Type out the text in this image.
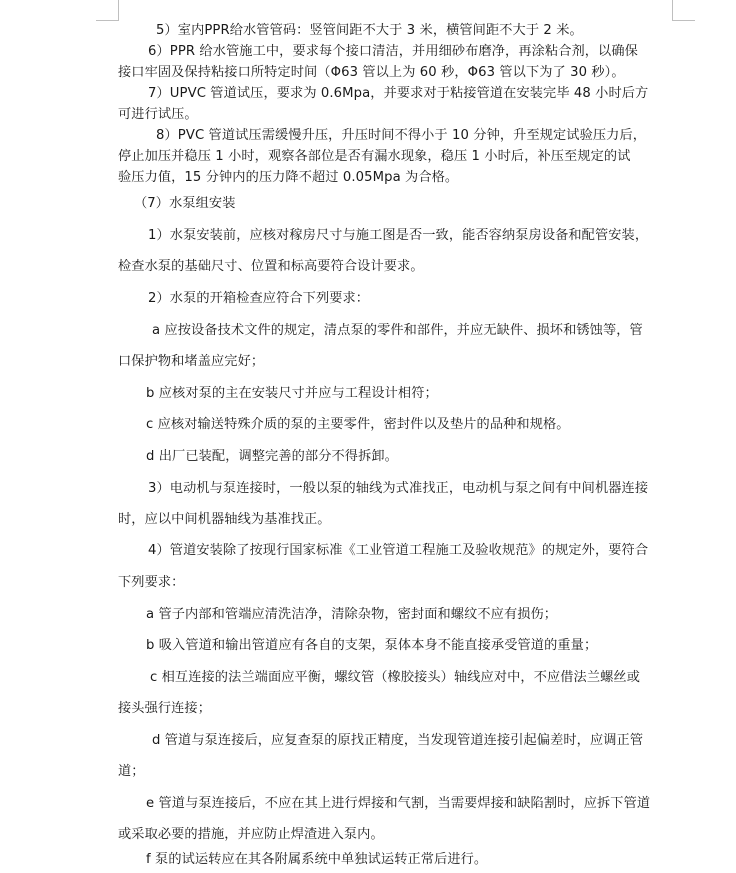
5）室内PPR给水管管码：竖管间距不大于 3 米，横管间距不大于 2 米。
6）PPR 给水管施工中，要求每个接口清洁，并用细砂布磨净，再涂粘合剂，以确保
接口牢固及保持粘接口所特定时间（Φ63 管以上为 60 秒，Φ63 管以下为了 30 秒）。
7）UPVC 管道试压，要求为 0.6Mpa，并要求对于粘接管道在安装完毕 48 小时后方
可进行试压。
8）PVC 管道试压需缓慢升压，升压时间不得小于 10 分钟，升至规定试验压力后，
停止加压并稳压 1 小时，观察各部位是否有漏水现象，稳压 1 小时后，补压至规定的试
验压力值，15 分钟内的压力降不超过 0.05Mpa 为合格。
（7）水泵组安装
1）水泵安装前，应核对稼房尺寸与施工图是否一致，能否容纳泵房设备和配管安装，
检查水泵的基础尺寸、位置和标高要符合设计要求。
2）水泵的开箱检查应符合下列要求：
a 应按设备技术文件的规定，清点泵的零件和部件，并应无缺件、损坏和锈蚀等，管
口保护物和堵盖应完好；
b 应核对泵的主在安装尺寸并应与工程设计相符；
c 应核对输送特殊介质的泵的主要零件，密封件以及垫片的品种和规格。
d 出厂已装配，调整完善的部分不得拆卸。
3）电动机与泵连接时，一般以泵的轴线为式准找正，电动机与泵之间有中间机器连接
时，应以中间机器轴线为基准找正。
4）管道安装除了按现行国家标准《工业管道工程施工及验收规范》的规定外，要符合
下列要求：
a 管子内部和管端应清洗洁净，清除杂物，密封面和螺纹不应有损伤；
b 吸入管道和输出管道应有各自的支架，泵体本身不能直接承受管道的重量；
c 相互连接的法兰端面应平衡，螺纹管（橡胶接头）轴线应对中，不应借法兰螺丝或
接头强行连接；
d 管道与泵连接后，应复查泵的原找正精度，当发现管道连接引起偏差时，应调正管
道；
e 管道与泵连接后，不应在其上进行焊接和气割，当需要焊接和缺陷割时，应拆下管道
或采取必要的措施，并应防止焊渣进入泵内。
f 泵的试运转应在其各附属系统中单独试运转正常后进行。
